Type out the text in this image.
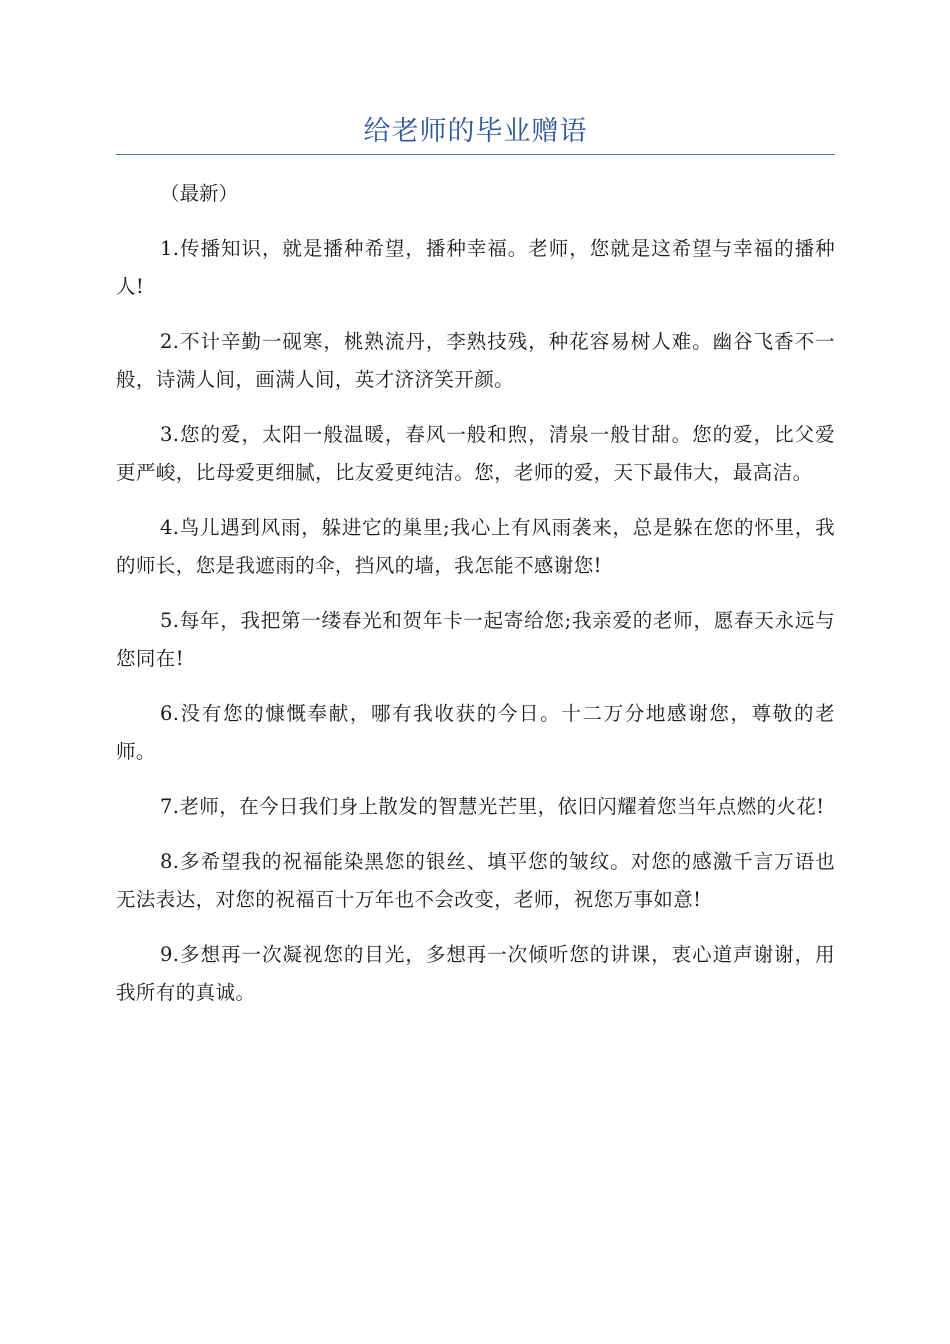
给老师的毕业赠语

（最新）

1.传播知识，就是播种希望，播种幸福。老师，您就是这希望与幸福的播种人!

2.不计辛勤一砚寒，桃熟流丹，李熟技残，种花容易树人难。幽谷飞香不一般，诗满人间，画满人间，英才济济笑开颜。

3.您的爱，太阳一般温暖，春风一般和煦，清泉一般甘甜。您的爱，比父爱更严峻，比母爱更细腻，比友爱更纯洁。您，老师的爱，天下最伟大，最高洁。

4.鸟儿遇到风雨，躲进它的巢里;我心上有风雨袭来，总是躲在您的怀里，我的师长，您是我遮雨的伞，挡风的墙，我怎能不感谢您!

5.每年，我把第一缕春光和贺年卡一起寄给您;我亲爱的老师，愿春天永远与您同在!

6.没有您的慷慨奉献，哪有我收获的今日。十二万分地感谢您，尊敬的老师。

7.老师，在今日我们身上散发的智慧光芒里，依旧闪耀着您当年点燃的火花!

8.多希望我的祝福能染黑您的银丝、填平您的皱纹。对您的感激千言万语也无法表达，对您的祝福百十万年也不会改变，老师，祝您万事如意!

9.多想再一次凝视您的目光，多想再一次倾听您的讲课，衷心道声谢谢，用我所有的真诚。
